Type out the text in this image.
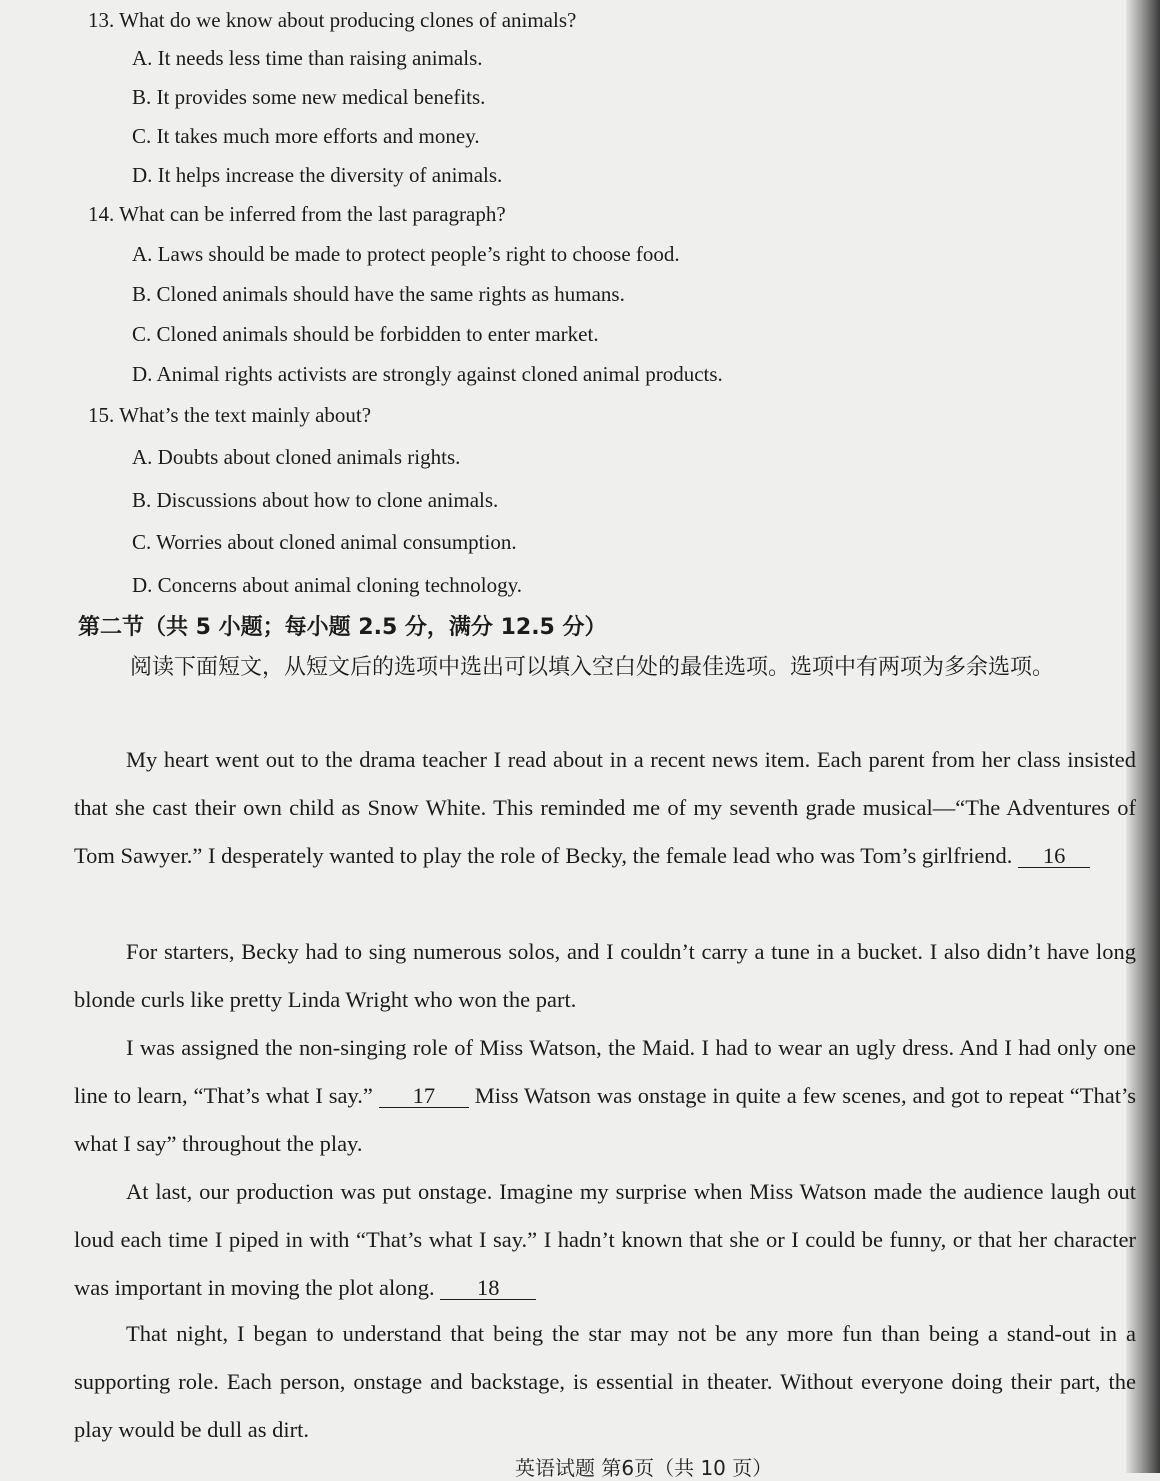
13. What do we know about producing clones of animals?
A. It needs less time than raising animals.
B. It provides some new medical benefits.
C. It takes much more efforts and money.
D. It helps increase the diversity of animals.
14. What can be inferred from the last paragraph?
A. Laws should be made to protect people’s right to choose food.
B. Cloned animals should have the same rights as humans.
C. Cloned animals should be forbidden to enter market.
D. Animal rights activists are strongly against cloned animal products.
15. What’s the text mainly about?
A. Doubts about cloned animals rights.
B. Discussions about how to clone animals.
C. Worries about cloned animal consumption.
D. Concerns about animal cloning technology.
第二节（共 5 小题；每小题 2.5 分，满分 12.5 分）
阅读下面短文，从短文后的选项中选出可以填入空白处的最佳选项。选项中有两项为多余选项。
My heart went out to the drama teacher I read about in a recent news item. Each parent from her class insisted that she cast their own child as Snow White. This reminded me of my seventh grade musical—“The Adventures of Tom Sawyer.” I desperately wanted to play the role of Becky, the female lead who was Tom’s girlfriend. 16
For starters, Becky had to sing numerous solos, and I couldn’t carry a tune in a bucket. I also didn’t have long blonde curls like pretty Linda Wright who won the part.
I was assigned the non-singing role of Miss Watson, the Maid. I had to wear an ugly dress. And I had only one line to learn, “That’s what I say.” 17 Miss Watson was onstage in quite a few scenes, and got to repeat “That’s what I say” throughout the play.
At last, our production was put onstage. Imagine my surprise when Miss Watson made the audience laugh out loud each time I piped in with “That’s what I say.” I hadn’t known that she or I could be funny, or that her character was important in moving the plot along. 18
That night, I began to understand that being the star may not be any more fun than being a stand-out in a supporting role. Each person, onstage and backstage, is essential in theater. Without everyone doing their part, the play would be dull as dirt.
英语试题 第6页（共 10 页）
